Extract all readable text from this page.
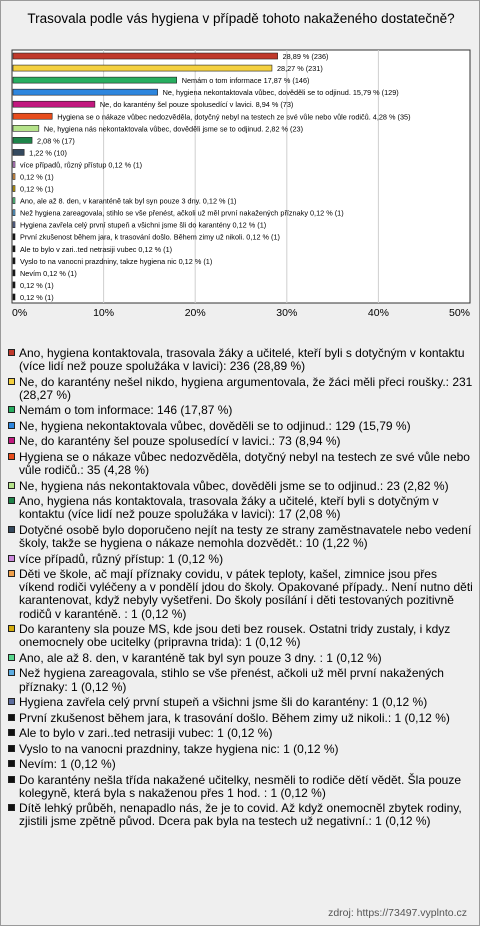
Trasovala podle vás hygiena v případě tohoto nakaženého dostatečně?
0%	10%	20%	30%	40%	50%
28,89 % (236)
28,27 % (231)
Nemám o tom informace 17,87 % (146)
Ne, hygiena nekontaktovala vůbec, dověděli se to odjinud. 15,79 % (129)
Ne, do karantény šel pouze spolusedící v lavici. 8,94 % (73)
Hygiena se o nákaze vůbec nedozvěděla, dotyčný nebyl na testech ze své vůle nebo vůle rodičů. 4,28 % (35)
Ne, hygiena nás nekontaktovala vůbec, dověděli jsme se to odjinud. 2,82 % (23)
2,08 % (17)
1,22 % (10)
více případů, různý přístup 0,12 % (1)
0,12 % (1)
0,12 % (1)
Ano, ale až 8. den, v karanténě tak byl syn pouze 3 dny. 0,12 % (1)
Než hygiena zareagovala, stihlo se vše přenést, ačkoli už měl první nakažených příznaky 0,12 % (1)
Hygiena zavřela celý první stupeň a všichni jsme šli do karantény 0,12 % (1)
První zkušenost během jara, k trasování došlo. Během zimy už nikoli. 0,12 % (1)
Ale to bylo v zari..ted netrasiji vubec 0,12 % (1)
Vyslo to na vanocni prazdniny, takze hygiena nic 0,12 % (1)
Nevím 0,12 % (1)
0,12 % (1)
0,12 % (1)
Ano, hygiena kontaktovala, trasovala žáky a učitelé, kteří byli s dotyčným v kontaktu (více lidí než pouze spolužáka v lavici): 236 (28,89 %)
Ne, do karantény nešel nikdo, hygiena argumentovala, že žáci měli přeci roušky.: 231 (28,27 %)
Nemám o tom informace: 146 (17,87 %)
Ne, hygiena nekontaktovala vůbec, dověděli se to odjinud.: 129 (15,79 %)
Ne, do karantény šel pouze spolusedící v lavici.: 73 (8,94 %)
Hygiena se o nákaze vůbec nedozvěděla, dotyčný nebyl na testech ze své vůle nebo vůle rodičů.: 35 (4,28 %)
Ne, hygiena nás nekontaktovala vůbec, dověděli jsme se to odjinud.: 23 (2,82 %)
Ano, hygiena nás kontaktovala, trasovala žáky a učitelé, kteří byli s dotyčným v kontaktu (více lidí než pouze spolužáka v lavici): 17 (2,08 %)
Dotyčné osobě bylo doporučeno nejít na testy ze strany zaměstnavatele nebo vedení školy, takže se hygiena o nákaze nemohla dozvědět.: 10 (1,22 %)
více případů, různý přístup: 1 (0,12 %)
Děti ve škole, ač mají příznaky covidu, v pátek teploty, kašel, zimnice jsou přes víkend rodiči vyléčeny a v pondělí jdou do školy. Opakované případy.. Není nutno děti karantenovat, když nebyly vyšetřeni. Do školy posílání i děti testovaných pozitivně rodičů v karanténě. : 1 (0,12 %)
Do karanteny sla pouze MS, kde jsou deti bez rousek. Ostatni tridy zustaly, i kdyz onemocnely obe ucitelky (pripravna trida): 1 (0,12 %)
Ano, ale až 8. den, v karanténě tak byl syn pouze 3 dny. : 1 (0,12 %)
Než hygiena zareagovala, stihlo se vše přenést, ačkoli už měl první nakažených příznaky: 1 (0,12 %)
Hygiena zavřela celý první stupeň a všichni jsme šli do karantény: 1 (0,12 %)
První zkušenost během jara, k trasování došlo. Během zimy už nikoli.: 1 (0,12 %)
Ale to bylo v zari..ted netrasiji vubec: 1 (0,12 %)
Vyslo to na vanocni prazdniny, takze hygiena nic: 1 (0,12 %)
Nevím: 1 (0,12 %)
Do karantény nešla třída nakažené učitelky, nesměli to rodiče dětí vědět. Šla pouze kolegyně, která byla s nakaženou přes 1 hod. : 1 (0,12 %)
Dítě lehký průběh, nenapadlo nás, že je to covid. Až když onemocněl zbytek rodiny, zjistili jsme zpětně původ. Dcera pak byla na testech už negativní.: 1 (0,12 %)
zdroj: https://73497.vyplnto.cz
